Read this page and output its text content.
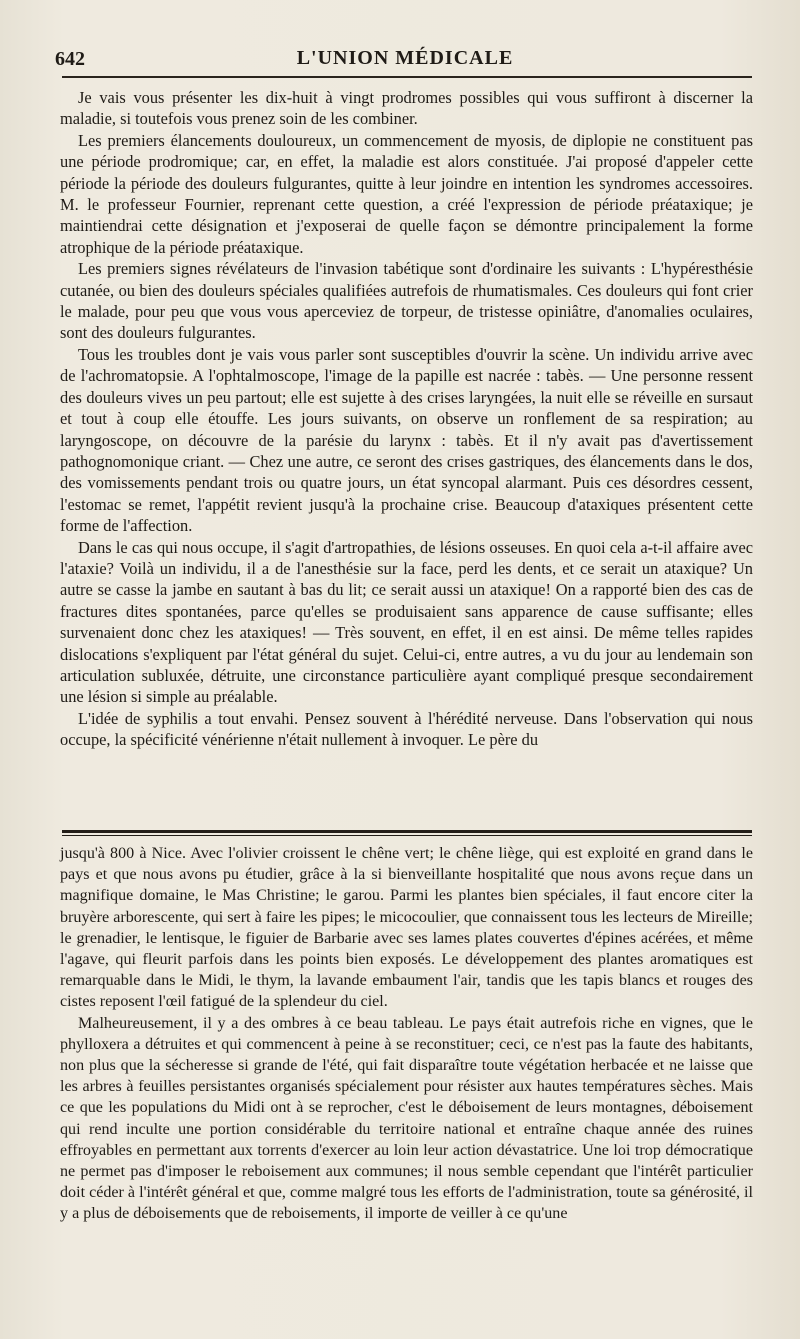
642	L'UNION MÉDICALE

Je vais vous présenter les dix-huit à vingt prodromes possibles qui vous suffiront à discerner la maladie, si toutefois vous prenez soin de les combiner.

Les premiers élancements douloureux, un commencement de myosis, de diplopie ne constituent pas une période prodromique; car, en effet, la maladie est alors constituée. J'ai proposé d'appeler cette période la période des douleurs fulgurantes, quitte à leur joindre en intention les syndromes accessoires. M. le professeur Fournier, reprenant cette question, a créé l'expression de période préataxique; je maintiendrai cette désignation et j'exposerai de quelle façon se démontre principalement la forme atrophique de la période préataxique.

Les premiers signes révélateurs de l'invasion tabétique sont d'ordinaire les suivants : L'hypéresthésie cutanée, ou bien des douleurs spéciales qualifiées autrefois de rhumatismales. Ces douleurs qui font crier le malade, pour peu que vous vous aperceviez de torpeur, de tristesse opiniâtre, d'anomalies oculaires, sont des douleurs fulgurantes.

Tous les troubles dont je vais vous parler sont susceptibles d'ouvrir la scène. Un individu arrive avec de l'achromatopsie. A l'ophtalmoscope, l'image de la papille est nacrée : tabès. — Une personne ressent des douleurs vives un peu partout; elle est sujette à des crises laryngées, la nuit elle se réveille en sursaut et tout à coup elle étouffe. Les jours suivants, on observe un ronflement de sa respiration; au laryngoscope, on découvre de la parésie du larynx : tabès. Et il n'y avait pas d'avertissement pathognomonique criant. — Chez une autre, ce seront des crises gastriques, des élancements dans le dos, des vomissements pendant trois ou quatre jours, un état syncopal alarmant. Puis ces désordres cessent, l'estomac se remet, l'appétit revient jusqu'à la prochaine crise. Beaucoup d'ataxiques présentent cette forme de l'affection.

Dans le cas qui nous occupe, il s'agit d'artropathies, de lésions osseuses. En quoi cela a-t-il affaire avec l'ataxie? Voilà un individu, il a de l'anesthésie sur la face, perd les dents, et ce serait un ataxique? Un autre se casse la jambe en sautant à bas du lit; ce serait aussi un ataxique! On a rapporté bien des cas de fractures dites spontanées, parce qu'elles se produisaient sans apparence de cause suffisante; elles survenaient donc chez les ataxiques! — Très souvent, en effet, il en est ainsi. De même telles rapides dislocations s'expliquent par l'état général du sujet. Celui-ci, entre autres, a vu du jour au lendemain son articulation subluxée, détruite, une circonstance particulière ayant compliqué presque secondairement une lésion si simple au préalable.

L'idée de syphilis a tout envahi. Pensez souvent à l'hérédité nerveuse. Dans l'observation qui nous occupe, la spécificité vénérienne n'était nullement à invoquer. Le père du

jusqu'à 800 à Nice. Avec l'olivier croissent le chêne vert; le chêne liège, qui est exploité en grand dans le pays et que nous avons pu étudier, grâce à la si bienveillante hospitalité que nous avons reçue dans un magnifique domaine, le Mas Christine; le garou. Parmi les plantes bien spéciales, il faut encore citer la bruyère arborescente, qui sert à faire les pipes; le micocoulier, que connaissent tous les lecteurs de Mireille; le grenadier, le lentisque, le figuier de Barbarie avec ses lames plates couvertes d'épines acérées, et même l'agave, qui fleurit parfois dans les points bien exposés. Le développement des plantes aromatiques est remarquable dans le Midi, le thym, la lavande embaument l'air, tandis que les tapis blancs et rouges des cistes reposent l'œil fatigué de la splendeur du ciel.

Malheureusement, il y a des ombres à ce beau tableau. Le pays était autrefois riche en vignes, que le phylloxera a détruites et qui commencent à peine à se reconstituer; ceci, ce n'est pas la faute des habitants, non plus que la sécheresse si grande de l'été, qui fait disparaître toute végétation herbacée et ne laisse que les arbres à feuilles persistantes organisés spécialement pour résister aux hautes températures sèches. Mais ce que les populations du Midi ont à se reprocher, c'est le déboisement de leurs montagnes, déboisement qui rend inculte une portion considérable du territoire national et entraîne chaque année des ruines effroyables en permettant aux torrents d'exercer au loin leur action dévastatrice. Une loi trop démocratique ne permet pas d'imposer le reboisement aux communes; il nous semble cependant que l'intérêt particulier doit céder à l'intérêt général et que, comme malgré tous les efforts de l'administration, toute sa générosité, il y a plus de déboisements que de reboisements, il importe de veiller à ce qu'une
